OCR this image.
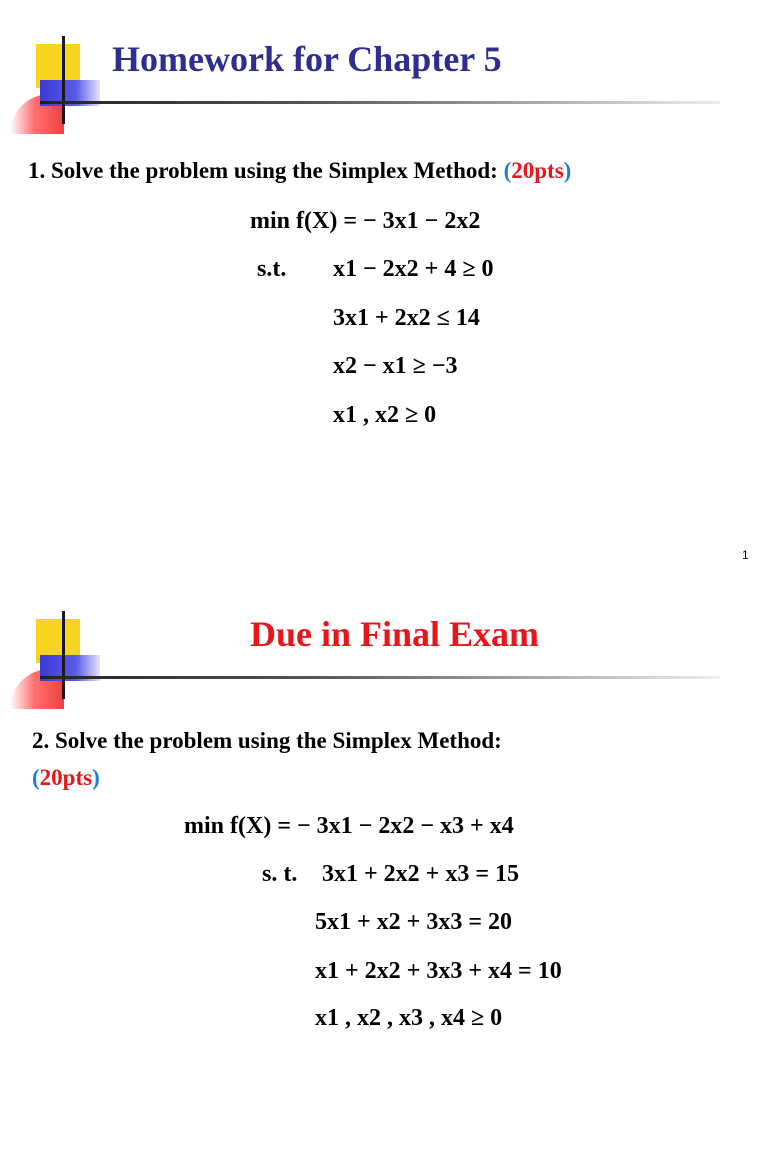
Homework for Chapter 5
1. Solve the problem using the Simplex Method: (20pts)
min f(X) = − 3x1 − 2x2
s.t. x1 − 2x2 + 4 ≥ 0
3x1 + 2x2 ≤ 14
x2 − x1 ≥ −3
x1 , x2 ≥ 0
1
Due in Final Exam
2. Solve the problem using the Simplex Method:
(20pts)
min f(X) = − 3x1 − 2x2 − x3 + x4
s. t. 3x1 + 2x2 + x3 = 15
5x1 + x2 + 3x3 = 20
x1 + 2x2 + 3x3 + x4 = 10
x1 , x2 , x3 , x4 ≥ 0
